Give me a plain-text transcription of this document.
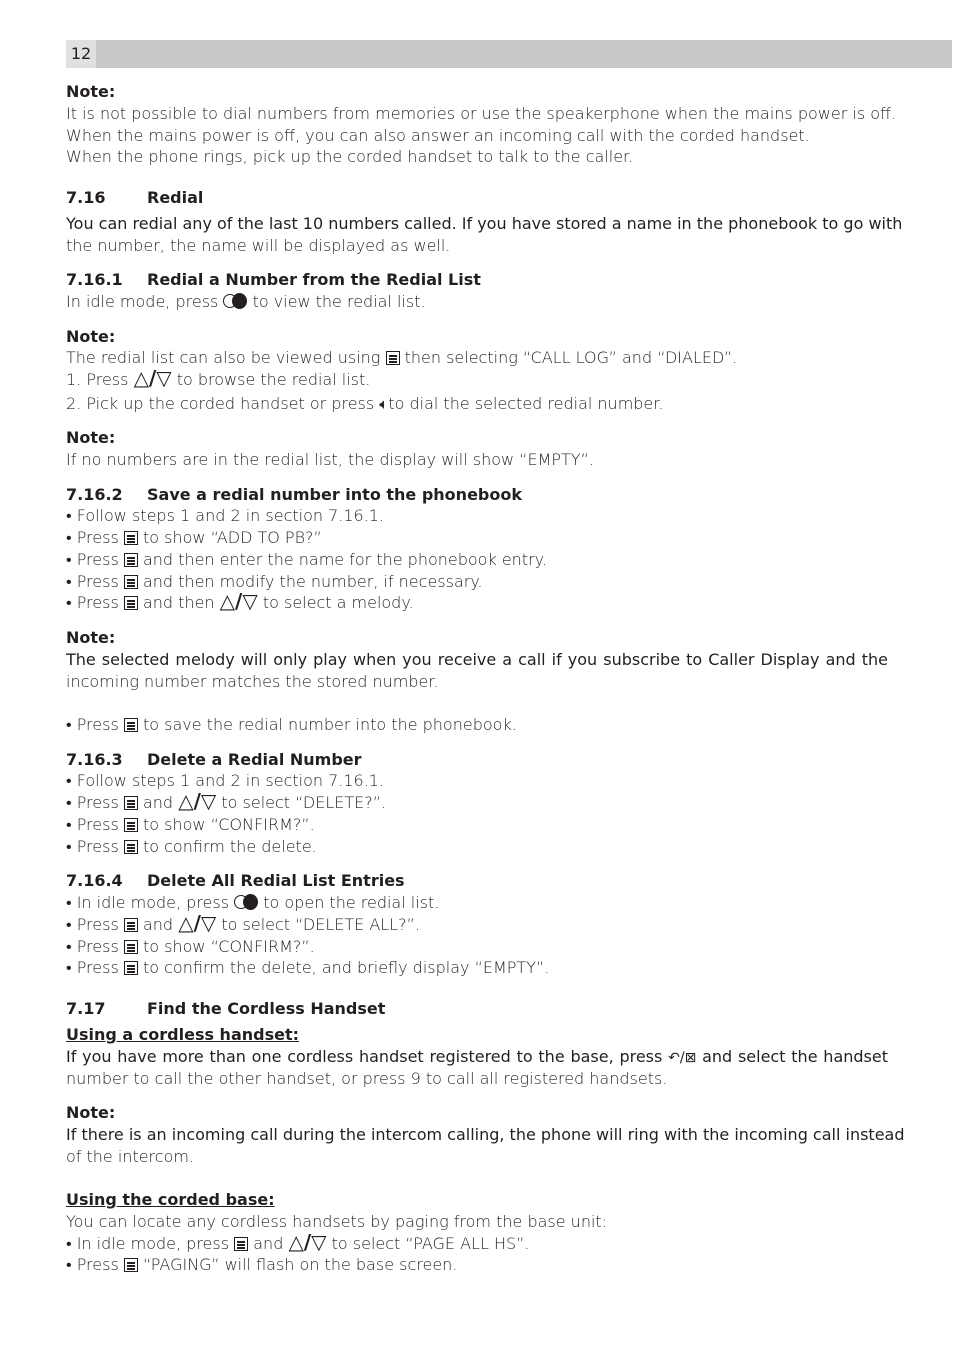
12
Note:
It is not possible to dial numbers from memories or use the speakerphone when the mains power is off.
When the mains power is off, you can also answer an incoming call with the corded handset.
When the phone rings, pick up the corded handset to talk to the caller.
7.16	Redial
You can redial any of the last 10 numbers called. If you have stored a name in the phonebook to go with
the number, the name will be displayed as well.
7.16.1 Redial a Number from the Redial List
In idle mode, press to view the redial list.
Note:
The redial list can also be viewed using then selecting “CALL LOG” and “DIALED”.
1. Press △/▽ to browse the redial list.
2. Pick up the corded handset or press 🔈︎to dial the selected redial number.
Note:
If no numbers are in the redial list, the display will show “EMPTY”.
7.16.2 Save a redial number into the phonebook
• Follow steps 1 and 2 in section 7.16.1.
• Press to show “ADD TO PB?”
• Press and then enter the name for the phonebook entry.
• Press and then modify the number, if necessary.
• Press and then △/▽ to select a melody.
Note:
The selected melody will only play when you receive a call if you subscribe to Caller Display and the
incoming number matches the stored number.
• Press to save the redial number into the phonebook.
7.16.3 Delete a Redial Number
• Follow steps 1 and 2 in section 7.16.1.
• Press and △/▽ to select “DELETE?”.
• Press to show “CONFIRM?”.
• Press to confirm the delete.
7.16.4 Delete All Redial List Entries
• In idle mode, press to open the redial list.
• Press and △/▽ to select “DELETE ALL?”.
• Press to show “CONFIRM?”.
• Press to confirm the delete, and briefly display “EMPTY”.
7.17	Find the Cordless Handset
Using a cordless handset:
If you have more than one cordless handset registered to the base, press ↶/⊠ and select the handset
number to call the other handset, or press 9 to call all registered handsets.
Note:
If there is an incoming call during the intercom calling, the phone will ring with the incoming call instead
of the intercom.
Using the corded base:
You can locate any cordless handsets by paging from the base unit:
• In idle mode, press and △/▽ to select “PAGE ALL HS”.
• Press “PAGING” will flash on the base screen.
